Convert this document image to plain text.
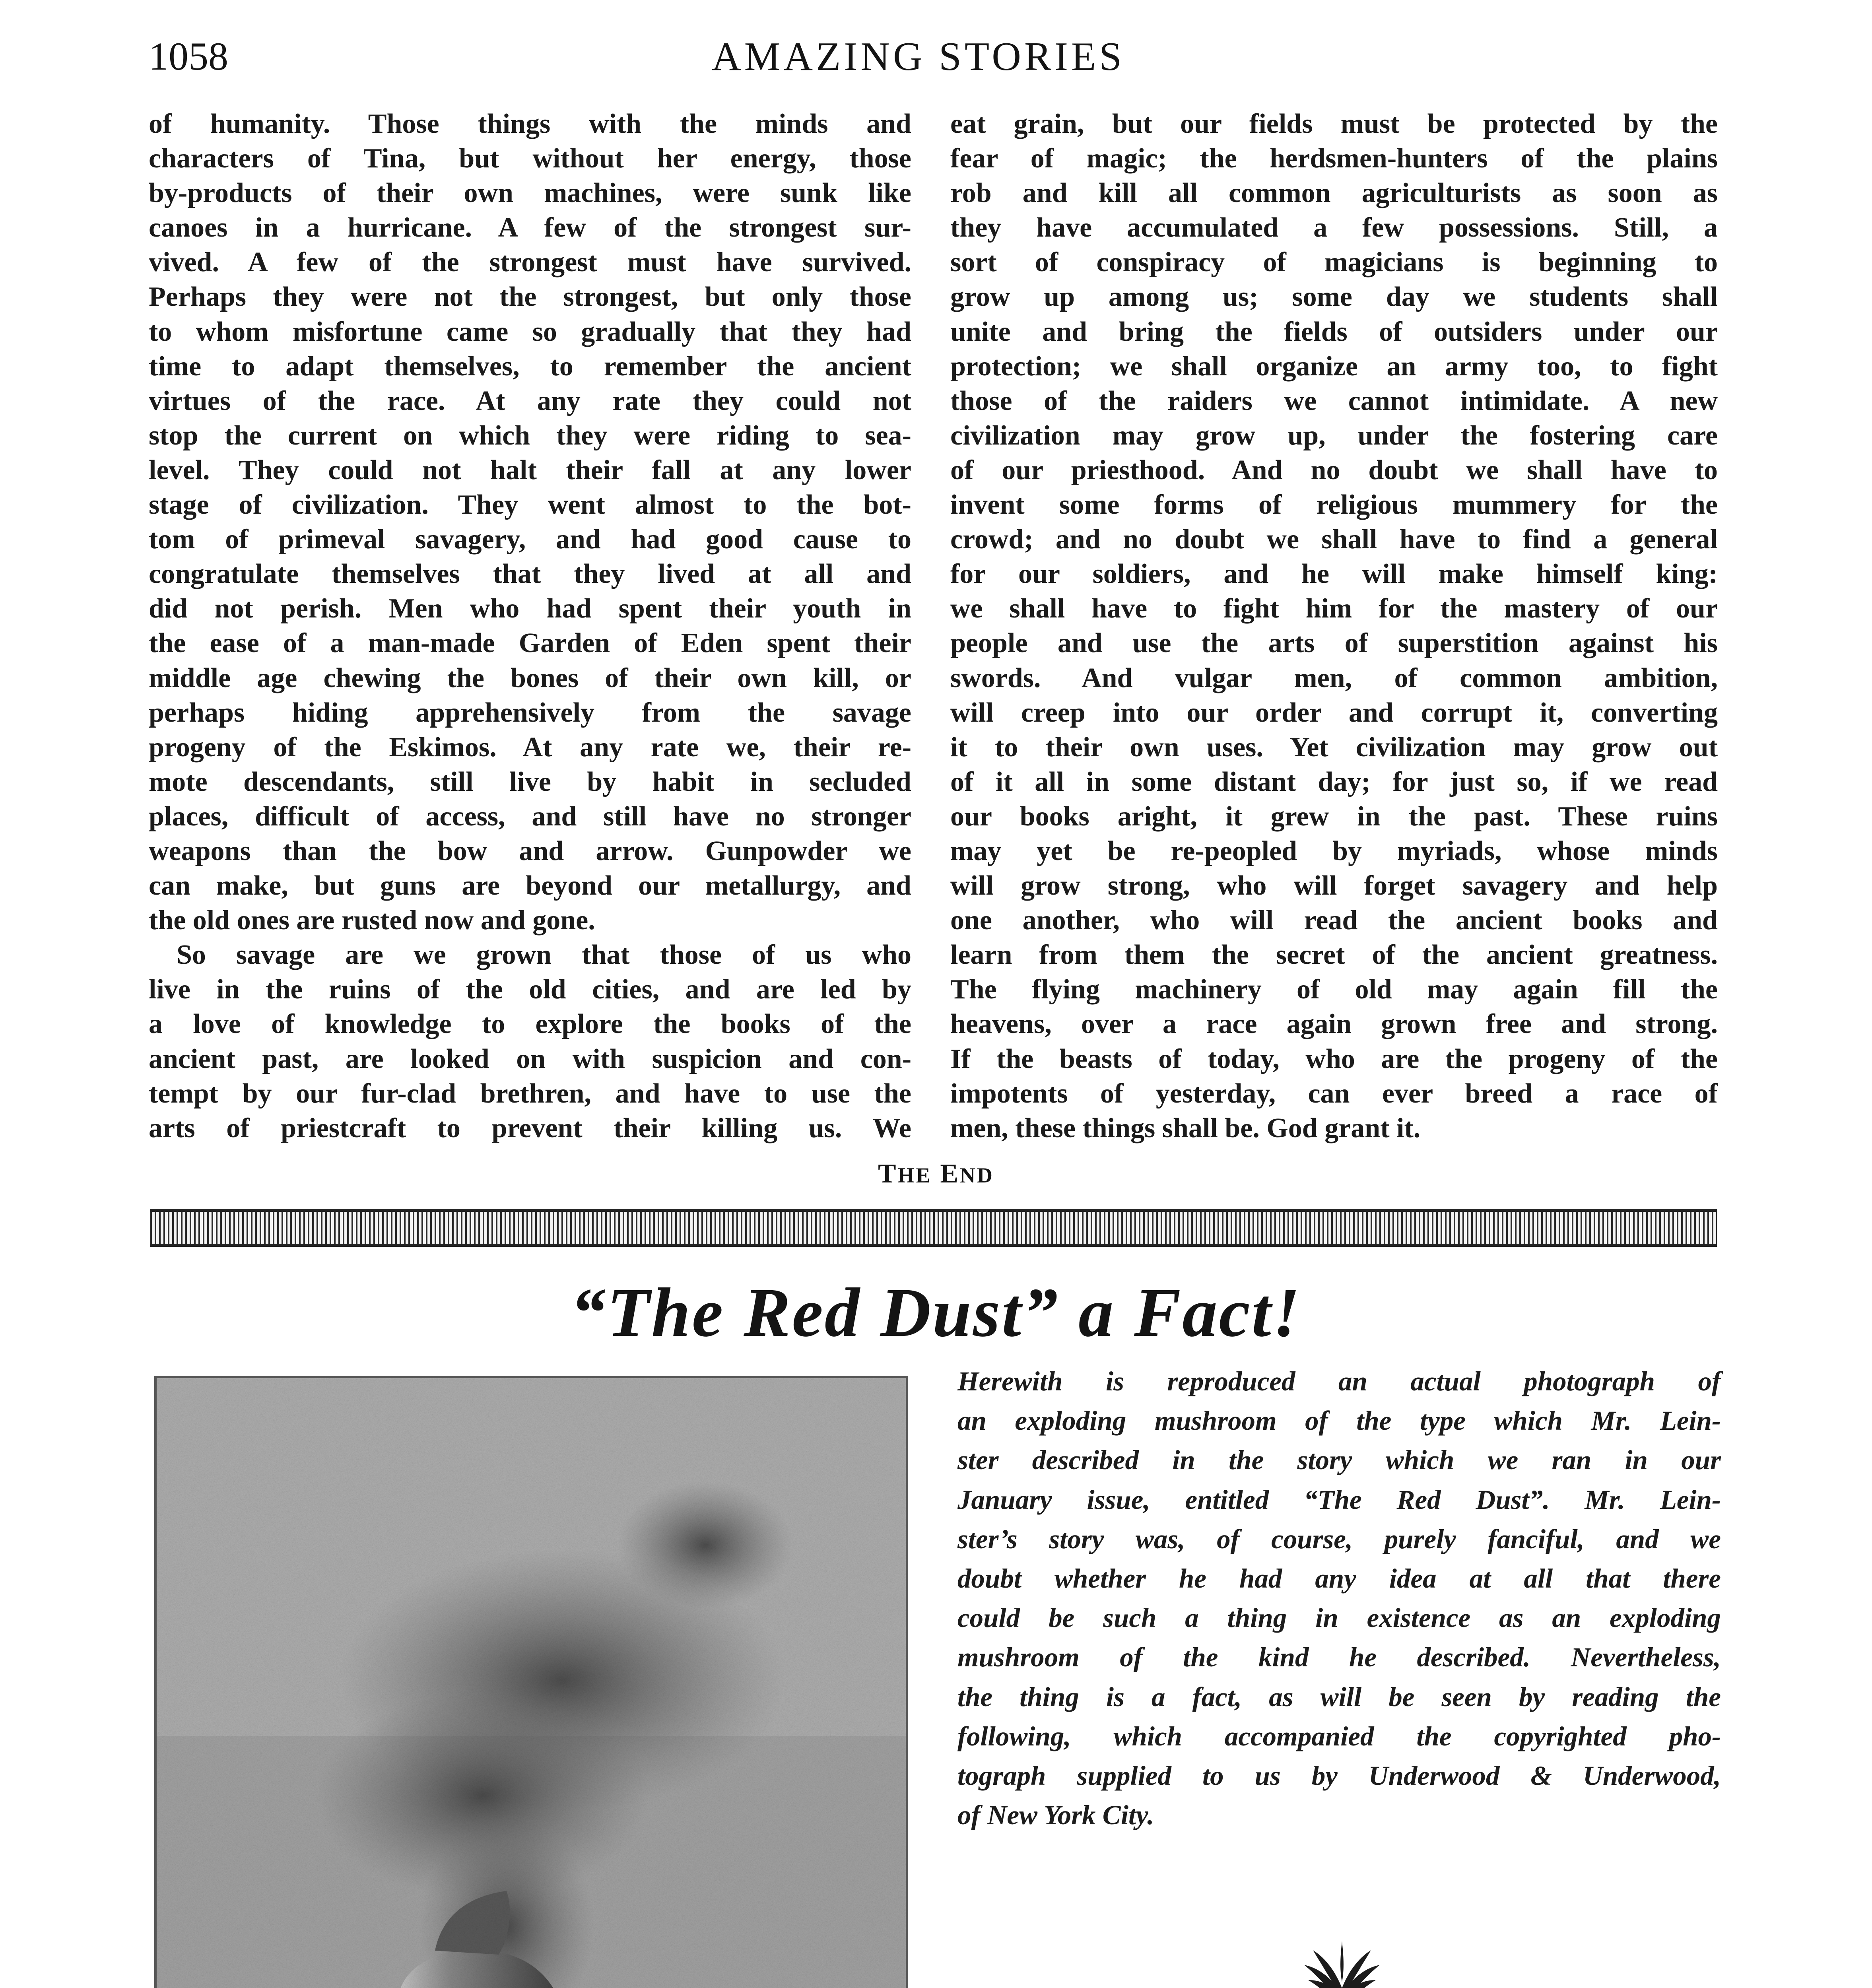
1058	AMAZING STORIES

of humanity. Those things with the minds and

characters of Tina, but without her energy, those

by-products of their own machines, were sunk like

canoes in a hurricane. A few of the strongest sur-

vived. A few of the strongest must have survived.

Perhaps they were not the strongest, but only those

to whom misfortune came so gradually that they had

time to adapt themselves, to remember the ancient

virtues of the race. At any rate they could not

stop the current on which they were riding to sea-

level. They could not halt their fall at any lower

stage of civilization. They went almost to the bot-

tom of primeval savagery, and had good cause to

congratulate themselves that they lived at all and

did not perish. Men who had spent their youth in

the ease of a man-made Garden of Eden spent their

middle age chewing the bones of their own kill, or

perhaps hiding apprehensively from the savage

progeny of the Eskimos. At any rate we, their re-

mote descendants, still live by habit in secluded

places, difficult of access, and still have no stronger

weapons than the bow and arrow. Gunpowder we

can make, but guns are beyond our metallurgy, and

the old ones are rusted now and gone.

So savage are we grown that those of us who

live in the ruins of the old cities, and are led by

a love of knowledge to explore the books of the

ancient past, are looked on with suspicion and con-

tempt by our fur-clad brethren, and have to use the

arts of priestcraft to prevent their killing us. We

eat grain, but our fields must be protected by the

fear of magic; the herdsmen-hunters of the plains

rob and kill all common agriculturists as soon as

they have accumulated a few possessions. Still, a

sort of conspiracy of magicians is beginning to

grow up among us; some day we students shall

unite and bring the fields of outsiders under our

protection; we shall organize an army too, to fight

those of the raiders we cannot intimidate. A new

civilization may grow up, under the fostering care

of our priesthood. And no doubt we shall have to

invent some forms of religious mummery for the

crowd; and no doubt we shall have to find a general

for our soldiers, and he will make himself king:

we shall have to fight him for the mastery of our

people and use the arts of superstition against his

swords. And vulgar men, of common ambition,

will creep into our order and corrupt it, converting

it to their own uses. Yet civilization may grow out

of it all in some distant day; for just so, if we read

our books aright, it grew in the past. These ruins

may yet be re-peopled by myriads, whose minds

will grow strong, who will forget savagery and help

one another, who will read the ancient books and

learn from them the secret of the ancient greatness.

The flying machinery of old may again fill the

heavens, over a race again grown free and strong.

If the beasts of today, who are the progeny of the

impotents of yesterday, can ever breed a race of

men, these things shall be. God grant it.

THE END
“The Red Dust” a Fact!

Herewith is reproduced an actual photograph of

an exploding mushroom of the type which Mr. Lein-

ster described in the story which we ran in our

January issue, entitled “The Red Dust”. Mr. Lein-

ster’s story was, of course, purely fanciful, and we

doubt whether he had any idea at all that there

could be such a thing in existence as an exploding

mushroom of the kind he described. Nevertheless,

the thing is a fact, as will be seen by reading the

following, which accompanied the copyrighted pho-

tograph supplied to us by Underwood & Underwood,

of New York City.
